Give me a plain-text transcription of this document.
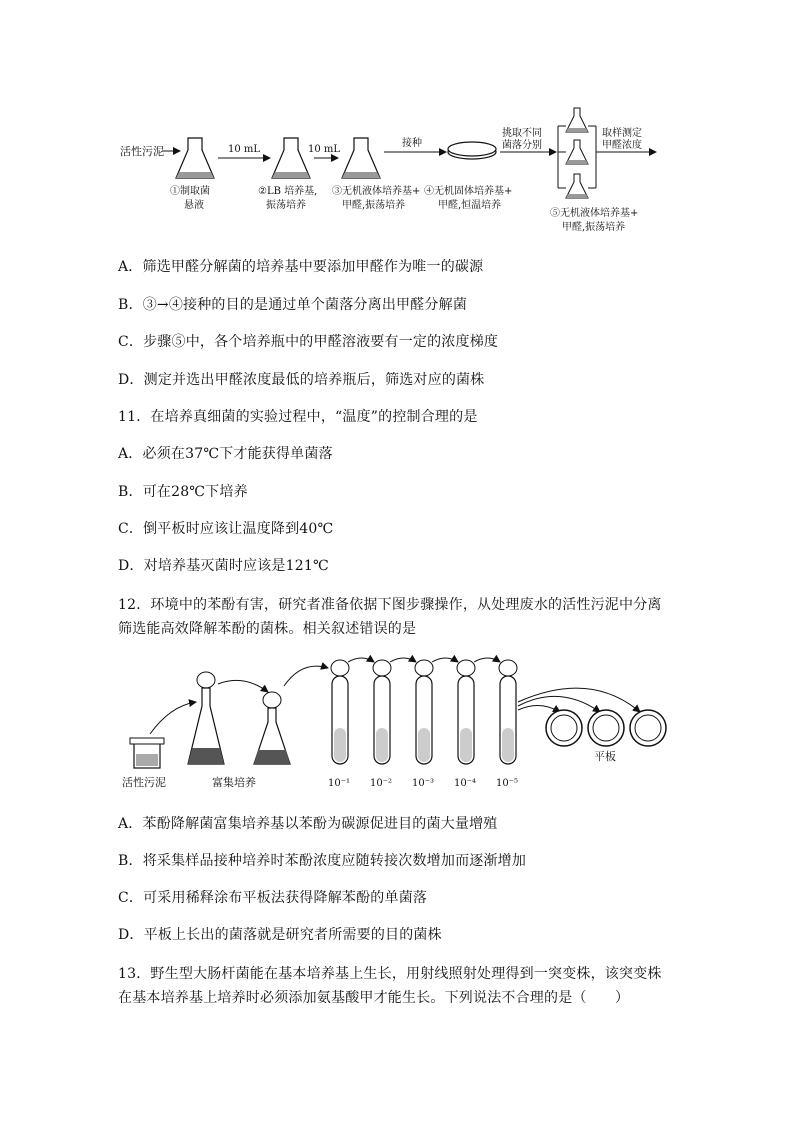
活性污泥
①制取菌
悬液
10 mL
②LB 培养基,
振荡培养
10 mL
③无机液体培养基+
甲醛,振荡培养
接种
④无机固体培养基+
甲醛,恒温培养
挑取不同
菌落分别
取样测定
甲醛浓度
⑤无机液体培养基+
甲醛,振荡培养
A．筛选甲醛分解菌的培养基中要添加甲醛作为唯一的碳源
B．③→④接种的目的是通过单个菌落分离出甲醛分解菌
C．步骤⑤中，各个培养瓶中的甲醛溶液要有一定的浓度梯度
D．测定并选出甲醛浓度最低的培养瓶后，筛选对应的菌株
11．在培养真细菌的实验过程中，“温度”的控制合理的是
A．必须在37℃下才能获得单菌落
B．可在28℃下培养
C．倒平板时应该让温度降到40℃
D．对培养基灭菌时应该是121℃
12．环境中的苯酚有害，研究者准备依据下图步骤操作，从处理废水的活性污泥中分离
筛选能高效降解苯酚的菌株。相关叙述错误的是
活性污泥	富集培养	10⁻¹ 10⁻² 10⁻³ 10⁻⁴ 10⁻⁵
平板
A．苯酚降解菌富集培养基以苯酚为碳源促进目的菌大量增殖
B．将采集样品接种培养时苯酚浓度应随转接次数增加而逐渐增加
C．可采用稀释涂布平板法获得降解苯酚的单菌落
D．平板上长出的菌落就是研究者所需要的目的菌株
13．野生型大肠杆菌能在基本培养基上生长，用射线照射处理得到一突变株，该突变株
在基本培养基上培养时必须添加氨基酸甲才能生长。下列说法不合理的是（　　）
